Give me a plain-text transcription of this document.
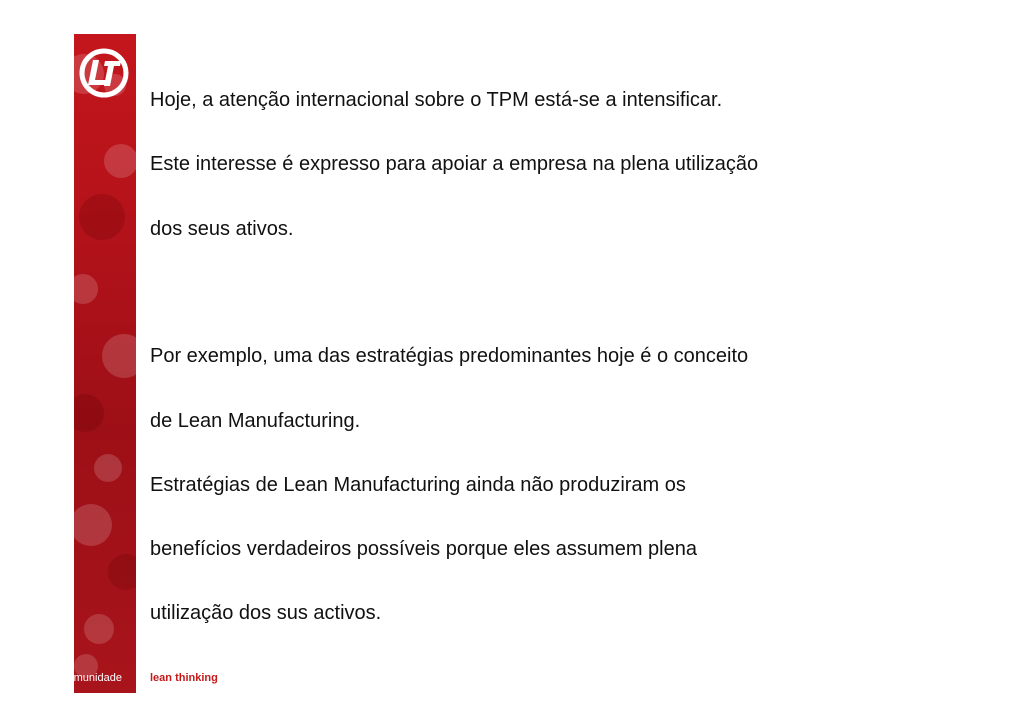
Hoje, a atenção internacional sobre o TPM está-se a intensificar.

Este interesse é expresso para apoiar a empresa na plena utilização

dos seus ativos.

Por exemplo, uma das estratégias predominantes hoje é o conceito

de Lean Manufacturing.

Estratégias de Lean Manufacturing ainda não produziram os

benefícios verdadeiros possíveis porque eles assumem plena

utilização dos sus activos.

comunidade	lean thinking
